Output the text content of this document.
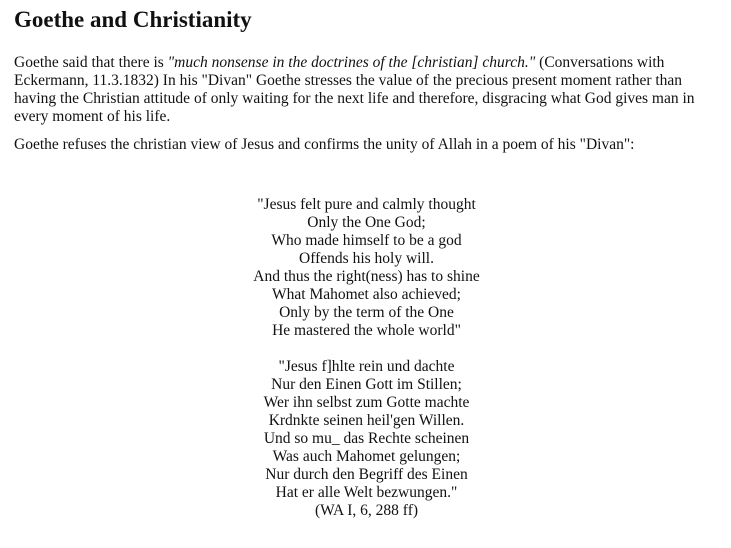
Goethe and Christianity

Goethe said that there is "much nonsense in the doctrines of the [christian] church." (Conversations with Eckermann, 11.3.1832) In his "Divan" Goethe stresses the value of the precious present moment rather than having the Christian attitude of only waiting for the next life and therefore, disgracing what God gives man in every moment of his life.

Goethe refuses the christian view of Jesus and confirms the unity of Allah in a poem of his "Divan":

"Jesus felt pure and calmly thought
Only the One God;
Who made himself to be a god
Offends his holy will.
And thus the right(ness) has to shine
What Mahomet also achieved;
Only by the term of the One
He mastered the whole world"
"Jesus f]hlte rein und dachte
Nur den Einen Gott im Stillen;
Wer ihn selbst zum Gotte machte
Krdnkte seinen heil'gen Willen.
Und so mu_ das Rechte scheinen
Was auch Mahomet gelungen;
Nur durch den Begriff des Einen
Hat er alle Welt bezwungen."
(WA I, 6, 288 ff)
